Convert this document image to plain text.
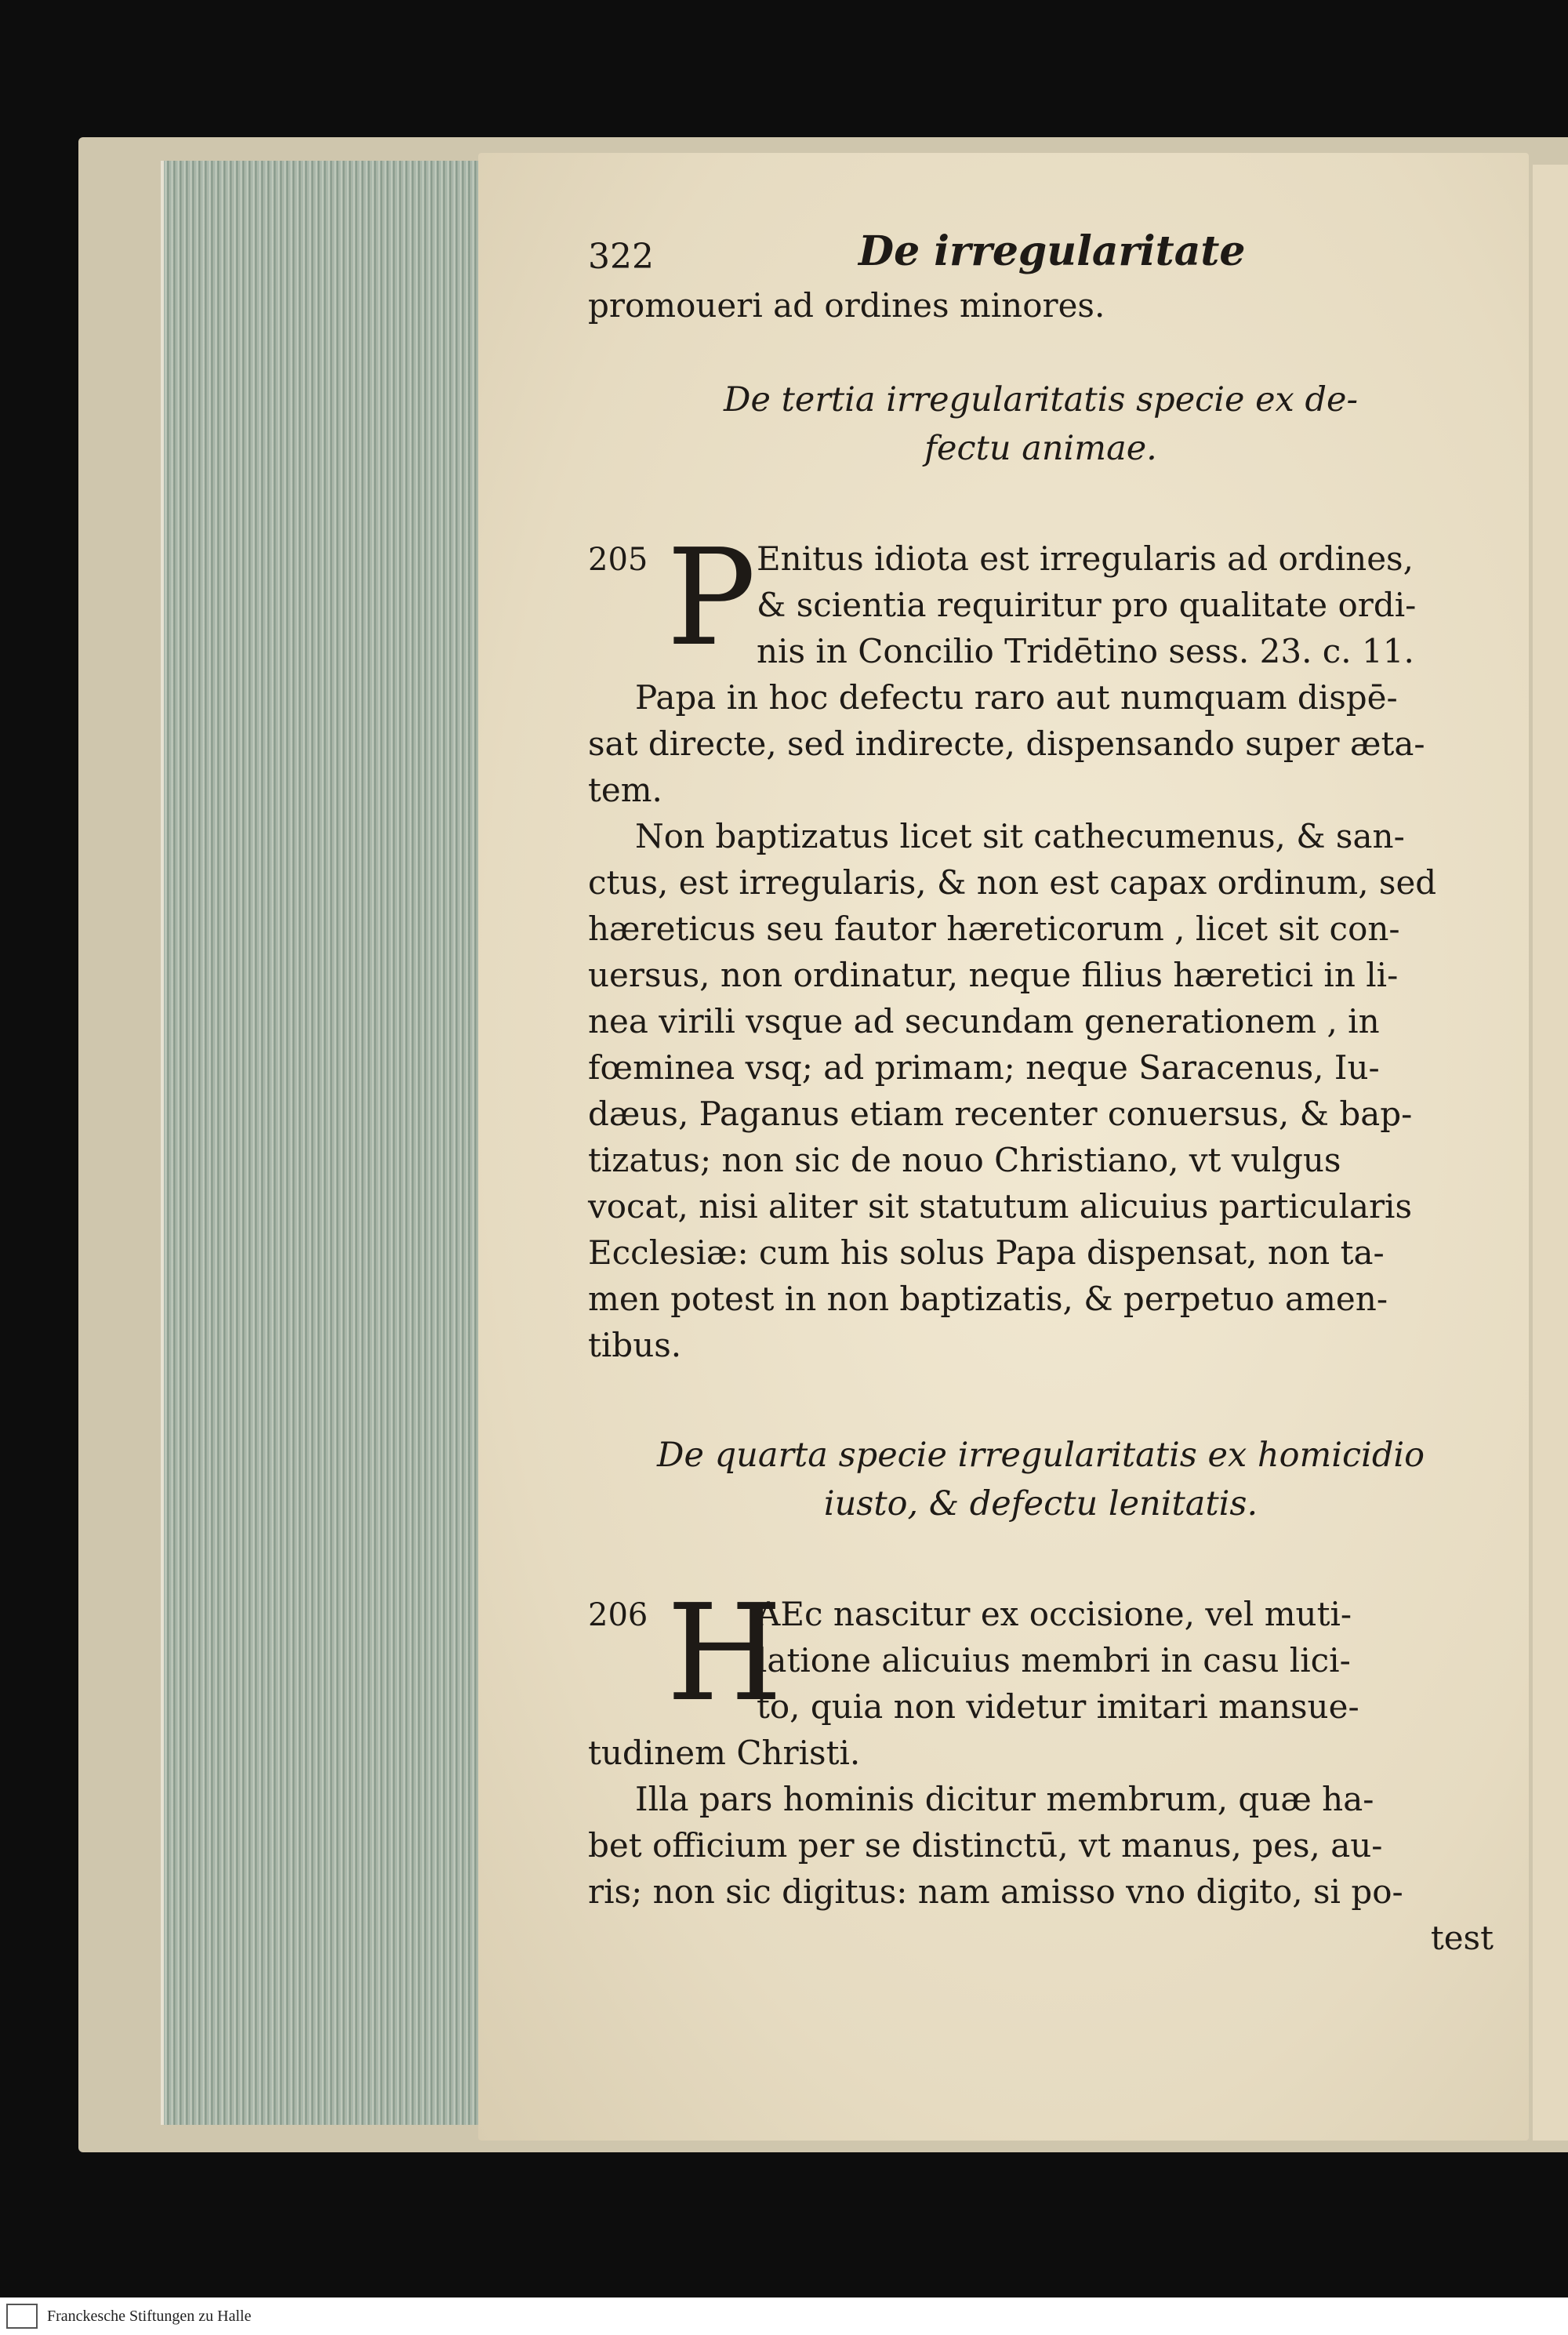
322	De irregularitate
promoueri ad ordines minores.
De tertia irregularitatis specie ex de-
fectu animae.
205 P Enitus idiota est irregularis ad ordines,
& scientia requiritur pro qualitate ordi-
nis in Concilio Tridētino sess. 23. c. 11.
Papa in hoc defectu raro aut numquam dispē-
sat directe, sed indirecte, dispensando super æta-
tem.
Non baptizatus licet sit cathecumenus, & san-
ctus, est irregularis, & non est capax ordinum, sed
hæreticus seu fautor hæreticorum , licet sit con-
uersus, non ordinatur, neque filius hæretici in li-
nea virili vsque ad secundam generationem , in
fœminea vsq; ad primam; neque Saracenus, Iu-
dæus, Paganus etiam recenter conuersus, & bap-
tizatus; non sic de nouo Christiano, vt vulgus
vocat, nisi aliter sit statutum alicuius particularis
Ecclesiæ: cum his solus Papa dispensat, non ta-
men potest in non baptizatis, & perpetuo amen-
tibus.
De quarta specie irregularitatis ex homicidio
iusto, & defectu lenitatis.
206 H
AEc nascitur ex occisione, vel muti-
latione alicuius membri in casu lici-
to, quia non videtur imitari mansue-
tudinem Christi.
Illa pars hominis dicitur membrum, quæ ha-
bet officium per se distinctū, vt manus, pes, au-
ris; non sic digitus: nam amisso vno digito, si po-
test
Franckesche Stiftungen zu Halle
